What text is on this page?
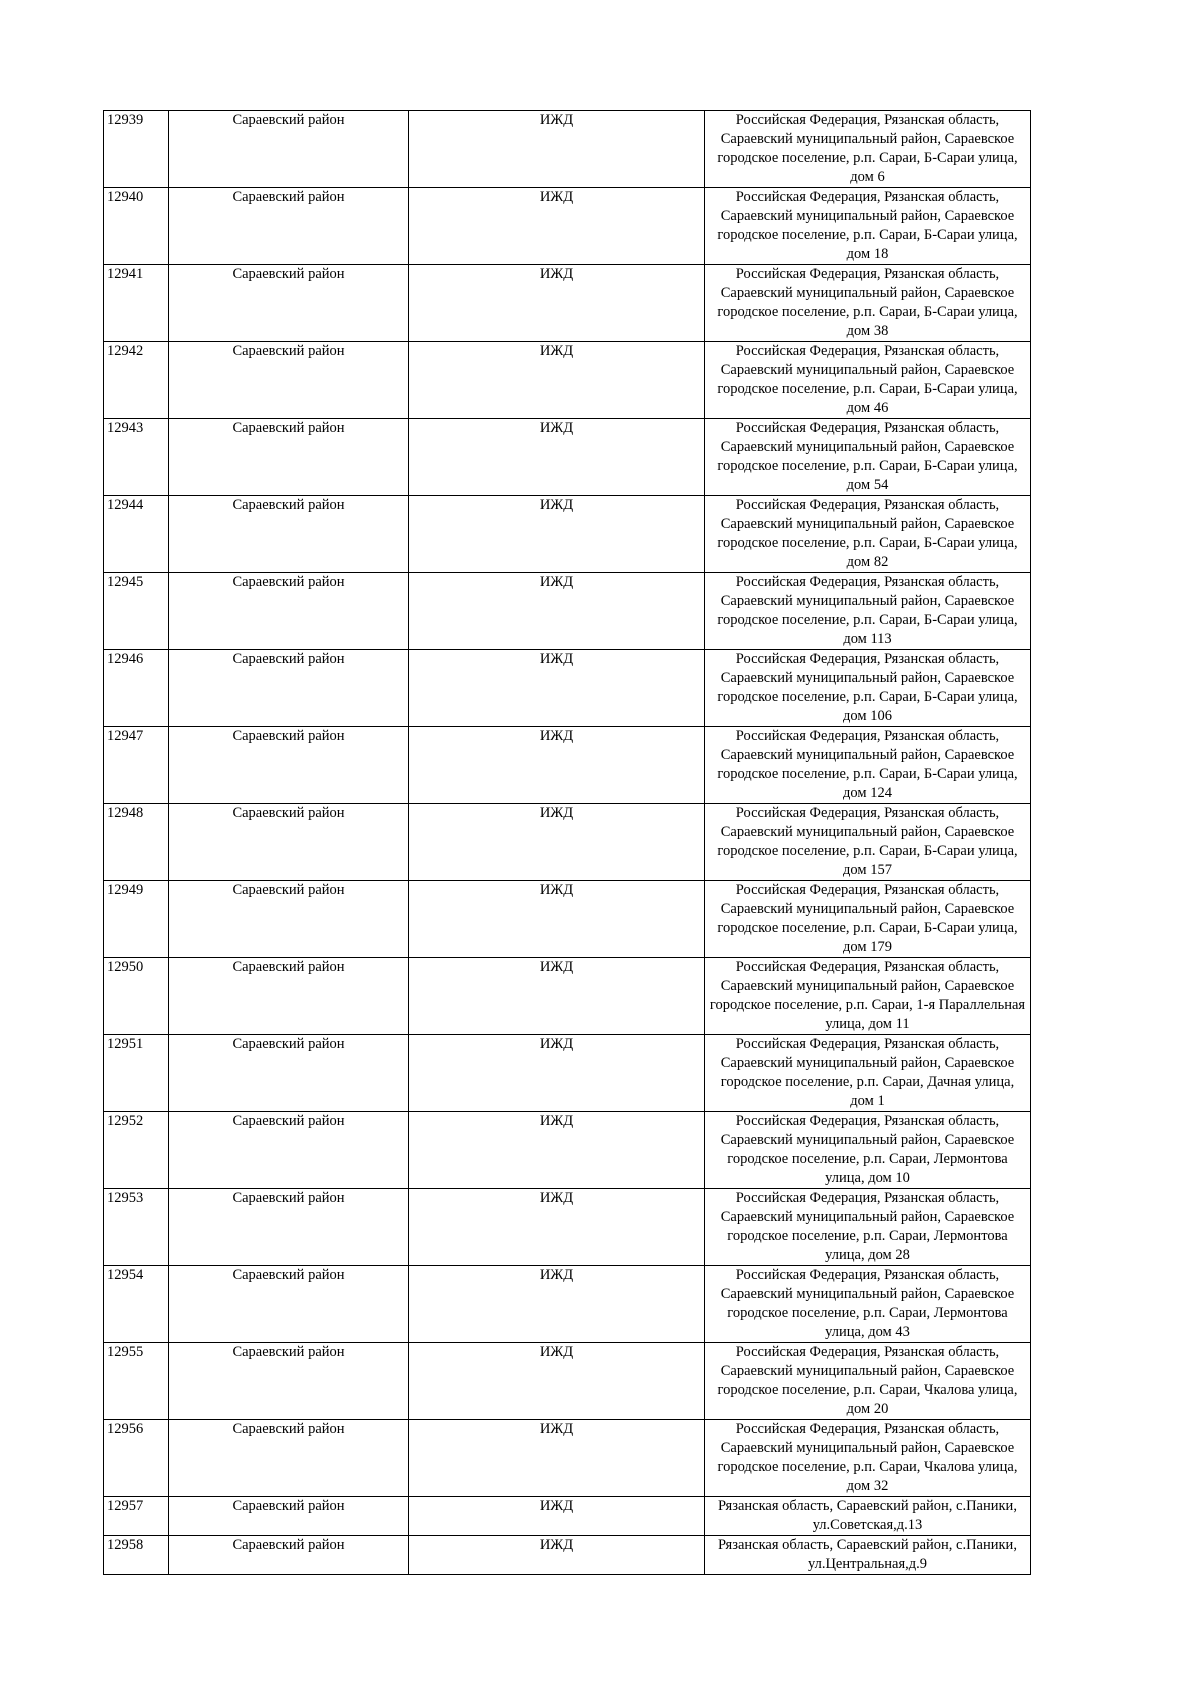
12939	Сараевский район	ИЖД	Российская Федерация, Рязанская область, Сараевский муниципальный район, Сараевское городское поселение, р.п. Сараи, Б-Сараи улица, дом 6
12940	Сараевский район	ИЖД	Российская Федерация, Рязанская область, Сараевский муниципальный район, Сараевское городское поселение, р.п. Сараи, Б-Сараи улица, дом 18
12941	Сараевский район	ИЖД	Российская Федерация, Рязанская область, Сараевский муниципальный район, Сараевское городское поселение, р.п. Сараи, Б-Сараи улица, дом 38
12942	Сараевский район	ИЖД	Российская Федерация, Рязанская область, Сараевский муниципальный район, Сараевское городское поселение, р.п. Сараи, Б-Сараи улица, дом 46
12943	Сараевский район	ИЖД	Российская Федерация, Рязанская область, Сараевский муниципальный район, Сараевское городское поселение, р.п. Сараи, Б-Сараи улица, дом 54
12944	Сараевский район	ИЖД	Российская Федерация, Рязанская область, Сараевский муниципальный район, Сараевское городское поселение, р.п. Сараи, Б-Сараи улица, дом 82
12945	Сараевский район	ИЖД	Российская Федерация, Рязанская область, Сараевский муниципальный район, Сараевское городское поселение, р.п. Сараи, Б-Сараи улица, дом 113
12946	Сараевский район	ИЖД	Российская Федерация, Рязанская область, Сараевский муниципальный район, Сараевское городское поселение, р.п. Сараи, Б-Сараи улица, дом 106
12947	Сараевский район	ИЖД	Российская Федерация, Рязанская область, Сараевский муниципальный район, Сараевское городское поселение, р.п. Сараи, Б-Сараи улица, дом 124
12948	Сараевский район	ИЖД	Российская Федерация, Рязанская область, Сараевский муниципальный район, Сараевское городское поселение, р.п. Сараи, Б-Сараи улица, дом 157
12949	Сараевский район	ИЖД	Российская Федерация, Рязанская область, Сараевский муниципальный район, Сараевское городское поселение, р.п. Сараи, Б-Сараи улица, дом 179
12950	Сараевский район	ИЖД	Российская Федерация, Рязанская область, Сараевский муниципальный район, Сараевское городское поселение, р.п. Сараи, 1-я Параллельная улица, дом 11
12951	Сараевский район	ИЖД	Российская Федерация, Рязанская область, Сараевский муниципальный район, Сараевское городское поселение, р.п. Сараи, Дачная улица, дом 1
12952	Сараевский район	ИЖД	Российская Федерация, Рязанская область, Сараевский муниципальный район, Сараевское городское поселение, р.п. Сараи, Лермонтова улица, дом 10
12953	Сараевский район	ИЖД	Российская Федерация, Рязанская область, Сараевский муниципальный район, Сараевское городское поселение, р.п. Сараи, Лермонтова улица, дом 28
12954	Сараевский район	ИЖД	Российская Федерация, Рязанская область, Сараевский муниципальный район, Сараевское городское поселение, р.п. Сараи, Лермонтова улица, дом 43
12955	Сараевский район	ИЖД	Российская Федерация, Рязанская область, Сараевский муниципальный район, Сараевское городское поселение, р.п. Сараи, Чкалова улица, дом 20
12956	Сараевский район	ИЖД	Российская Федерация, Рязанская область, Сараевский муниципальный район, Сараевское городское поселение, р.п. Сараи, Чкалова улица, дом 32
12957	Сараевский район	ИЖД	Рязанская область, Сараевский район, с.Паники, ул.Советская,д.13
12958	Сараевский район	ИЖД	Рязанская область, Сараевский район, с.Паники, ул.Центральная,д.9
